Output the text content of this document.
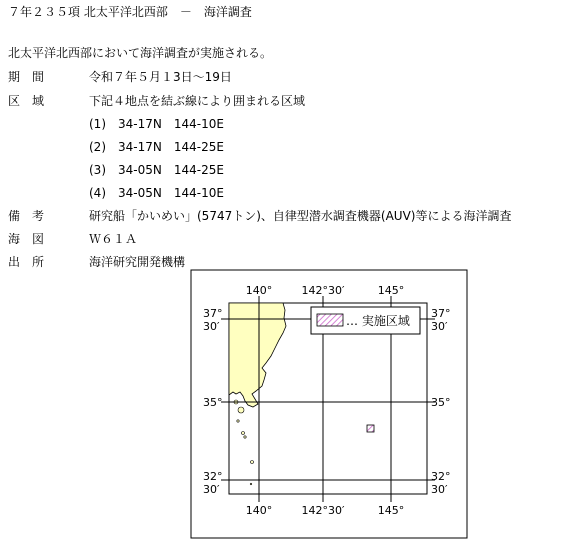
７年２３５項 北太平洋北西部　－　海洋調査
北太平洋北西部において海洋調査が実施される。
期　間	令和７年５月１3日～19日
区　域	下記４地点を結ぶ線により囲まれる区域
(1)　34-17N　144-10E
(2)　34-17N　144-25E
(3)　34-05N　144-25E
(4)　34-05N　144-10E
備　考	研究船「かいめい」(5747トン)、自律型潜水調査機器(AUV)等による海洋調査
海　図	Ｗ６１Ａ
出　所	海洋研究開発機構
… 実施区域
140°	142°30′	145°
140°	142°30′	145°
37° 30′
35°
32° 30′
37° 30′
35°
32° 30′
